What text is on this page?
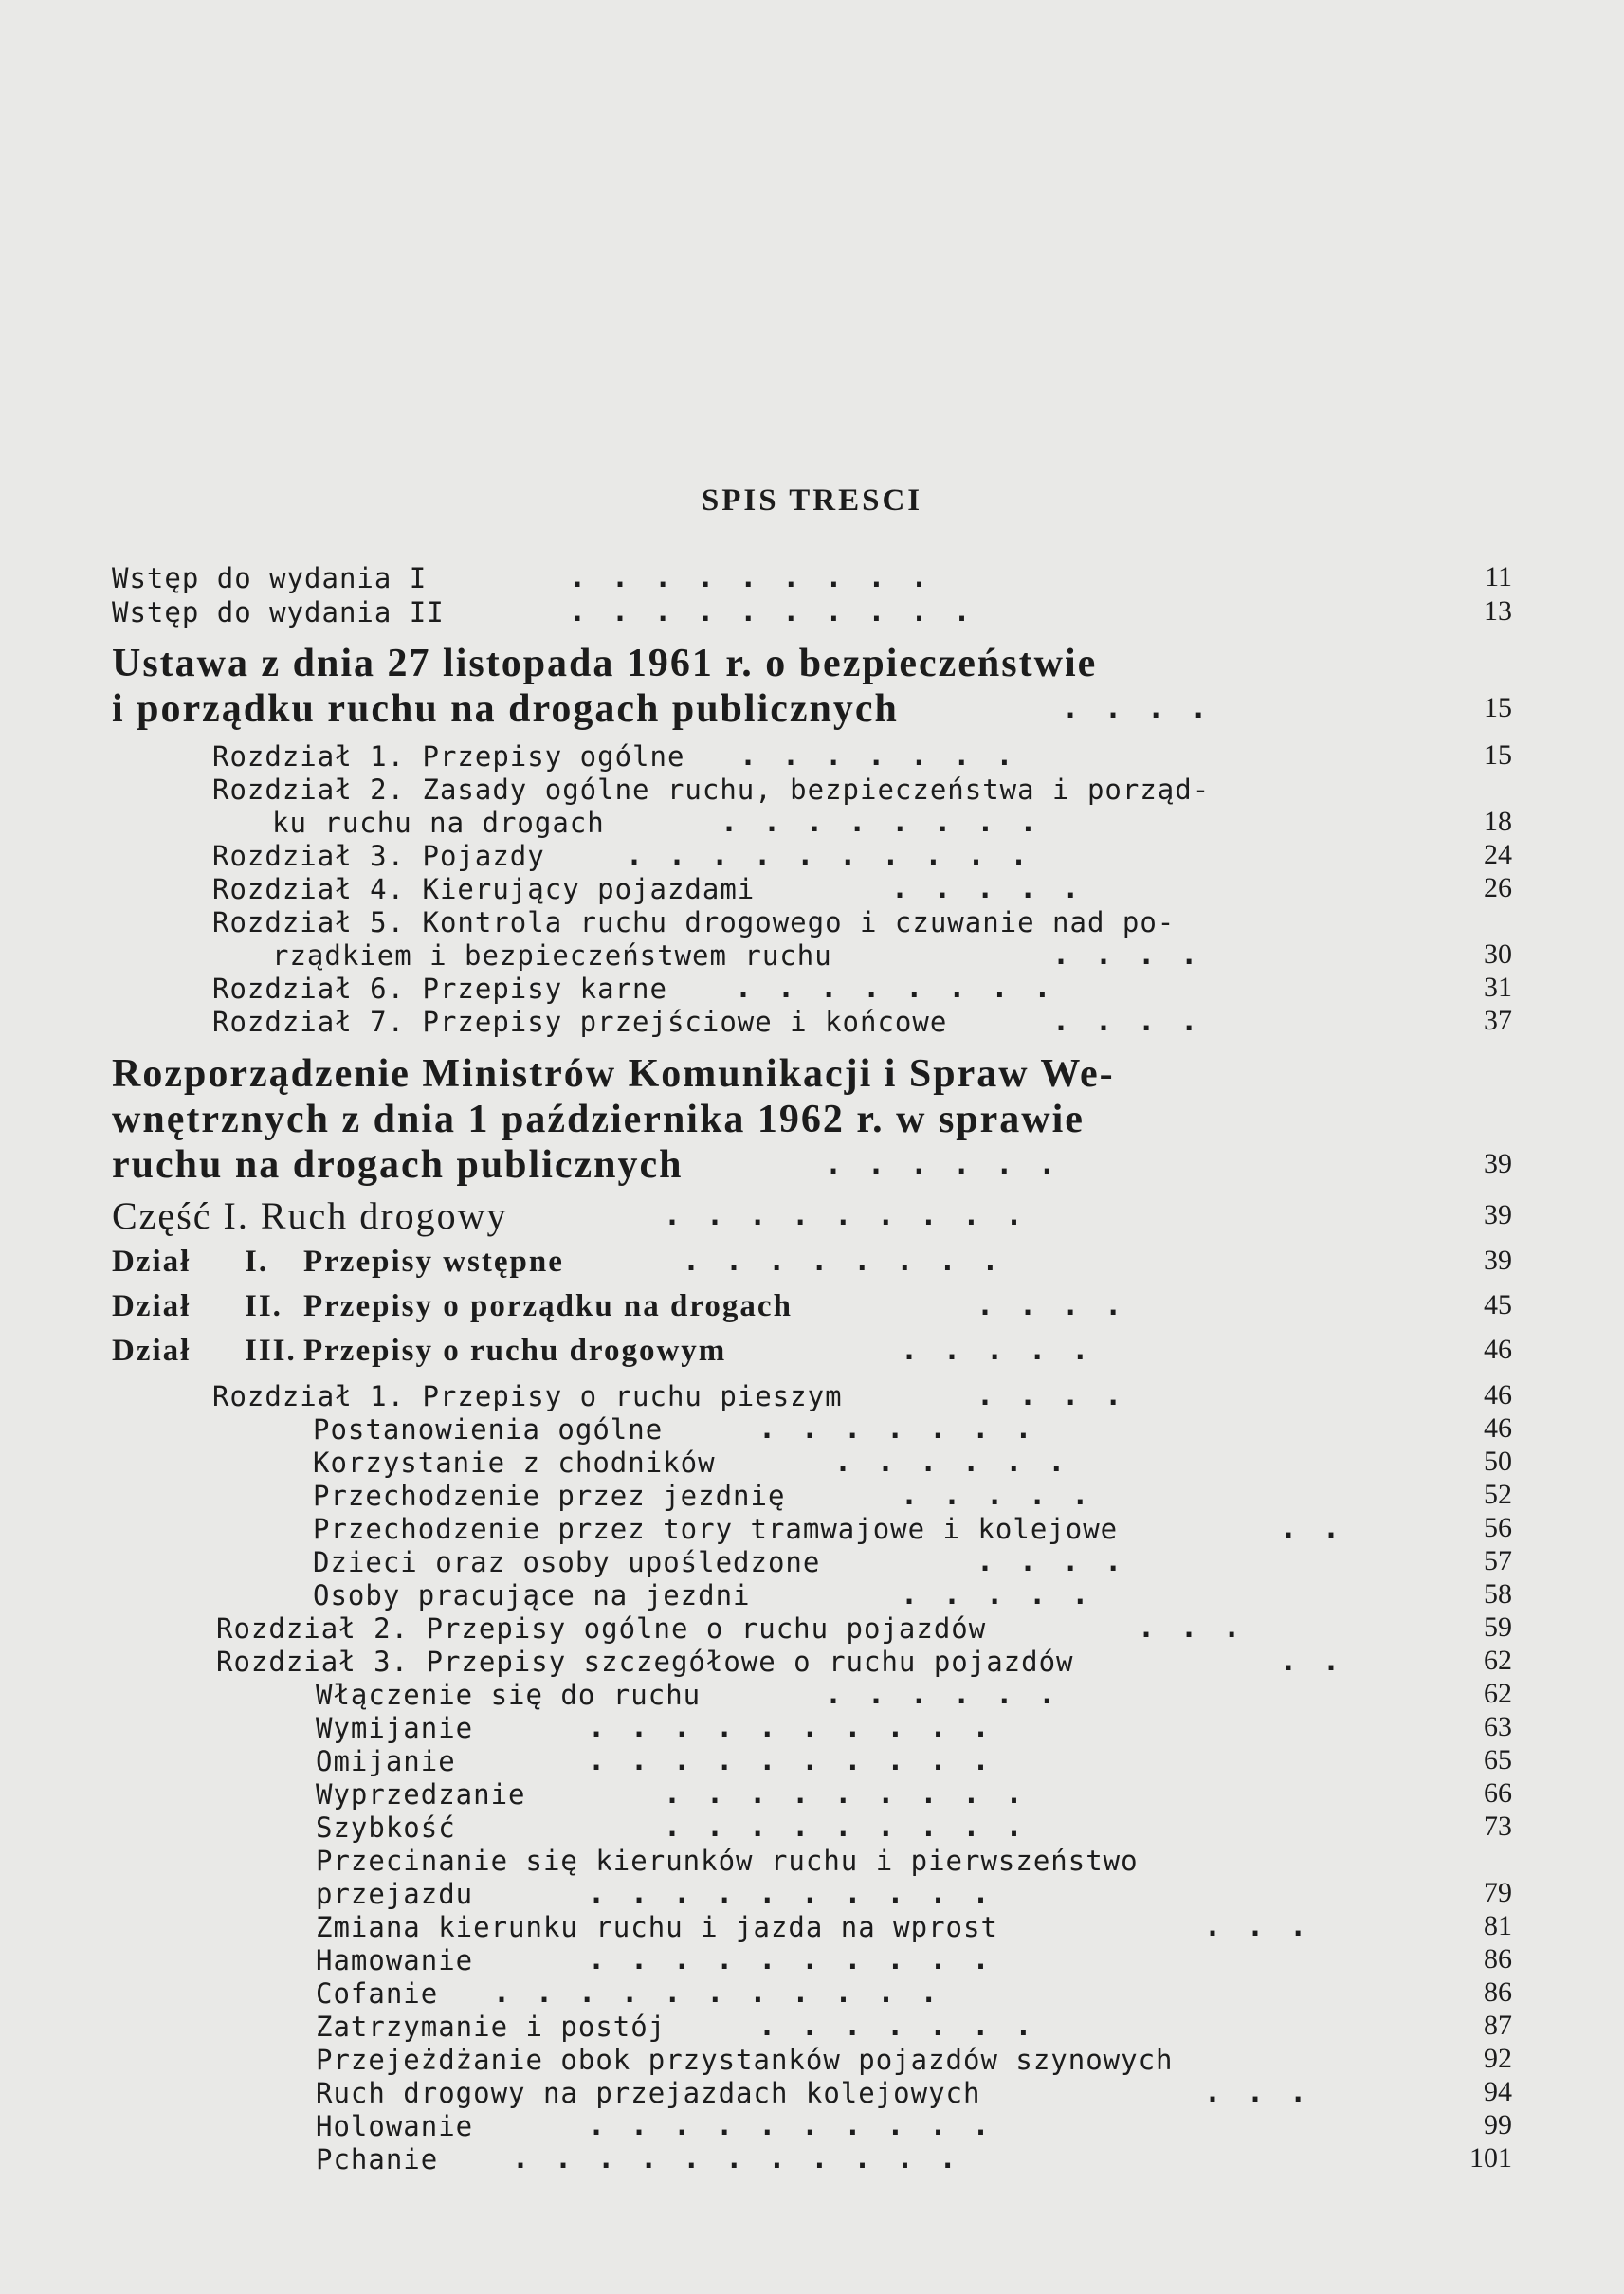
SPIS TRESCI
Wstęp do wydania I	.........	11
Wstęp do wydania II	..........	13
Ustawa z dnia 27 listopada 1961 r. o bezpieczeństwie
i porządku ruchu na drogach publicznych	....	15
Rozdział 1. Przepisy ogólne .......	15
Rozdział 2. Zasady ogólne ruchu, bezpieczeństwa i porząd-
ku ruchu na drogach	........	18
Rozdział 3. Pojazdy	..........	24
Rozdział 4. Kierujący pojazdami	.....	26
Rozdział 5. Kontrola ruchu drogowego i czuwanie nad po-
rządkiem i bezpieczeństwem ruchu	....	30
Rozdział 6. Przepisy karne ........	31
Rozdział 7. Przepisy przejściowe i końcowe	....	37
Rozporządzenie Ministrów Komunikacji i Spraw We-
wnętrznych z dnia 1 października 1962 r. w sprawie
ruchu na drogach publicznych	......	39
Część I. Ruch drogowy	.........	39
Dział I. Przepisy wstępne	........	39
Dział II. Przepisy o porządku na drogach	....	45
Dział III. Przepisy o ruchu drogowym	.....	46
Rozdział 1. Przepisy o ruchu pieszym	....	46
Postanowienia ogólne	.......	46
Korzystanie z chodników	......	50
Przechodzenie przez jezdnię	.....	52
Przechodzenie przez tory tramwajowe i kolejowe	..	56
Dzieci oraz osoby upośledzone	....	57
Osoby pracujące na jezdni	.....	58
Rozdział 2. Przepisy ogólne o ruchu pojazdów	...	59
Rozdział 3. Przepisy szczegółowe o ruchu pojazdów	..	62
Włączenie się do ruchu	......	62
Wymijanie	..........	63
Omijanie	..........	65
Wyprzedzanie	.........	66
Szybkość	.........	73
Przecinanie się kierunków ruchu i pierwszeństwo
przejazdu	..........	79
Zmiana kierunku ruchu i jazda na wprost	...	81
Hamowanie	..........	86
Cofanie ...........	86
Zatrzymanie i postój	.......	87
Przejeżdżanie obok przystanków pojazdów szynowych	92
Ruch drogowy na przejazdach kolejowych	...	94
Holowanie	..........	99
Pchanie	...........	101
